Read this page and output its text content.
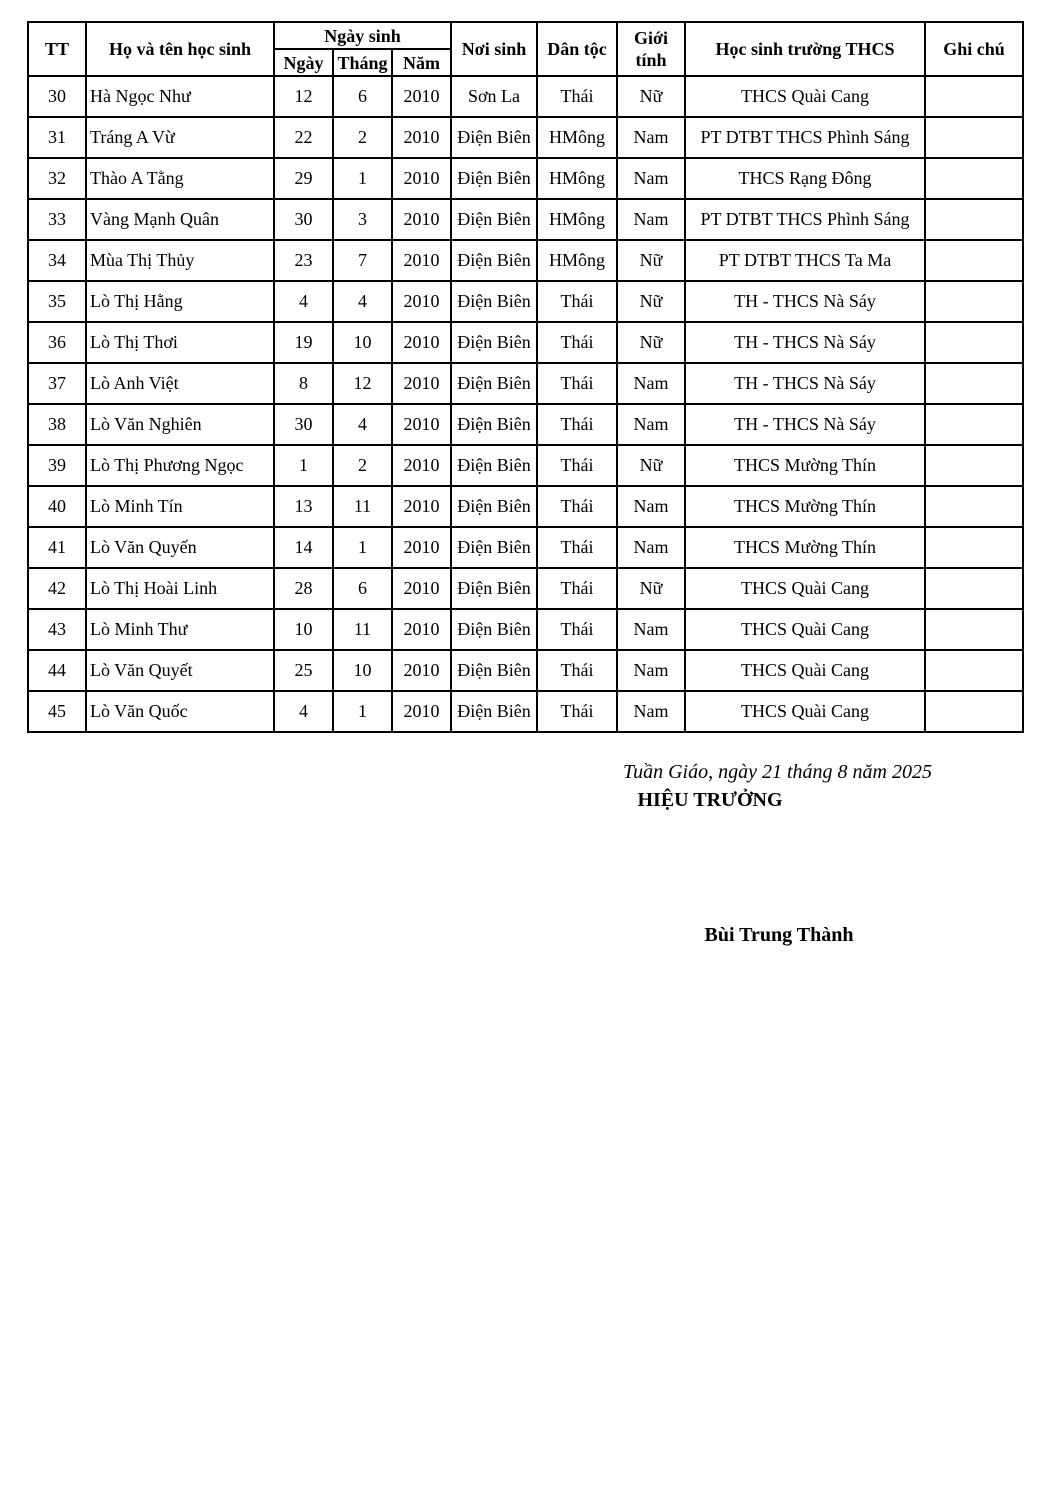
TT	Họ và tên học sinh	Ngày sinh			Nơi sinh	Dân tộc	Giới tính	Học sinh trường THCS	Ghi chú
		Ngày	Tháng	Năm					
30	Hà Ngọc Như	12	6	2010	Sơn La	Thái	Nữ	THCS Quài Cang	
31	Tráng A Vừ	22	2	2010	Điện Biên	HMông	Nam	PT DTBT THCS Phình Sáng	
32	Thào A Tằng	29	1	2010	Điện Biên	HMông	Nam	THCS Rạng Đông	
33	Vàng Mạnh Quân	30	3	2010	Điện Biên	HMông	Nam	PT DTBT THCS Phình Sáng	
34	Mùa Thị Thủy	23	7	2010	Điện Biên	HMông	Nữ	PT DTBT THCS Ta Ma	
35	Lò Thị Hằng	4	4	2010	Điện Biên	Thái	Nữ	TH - THCS Nà Sáy	
36	Lò Thị Thơi	19	10	2010	Điện Biên	Thái	Nữ	TH - THCS Nà Sáy	
37	Lò Anh Việt	8	12	2010	Điện Biên	Thái	Nam	TH - THCS Nà Sáy	
38	Lò Văn Nghiên	30	4	2010	Điện Biên	Thái	Nam	TH - THCS Nà Sáy	
39	Lò Thị Phương Ngọc	1	2	2010	Điện Biên	Thái	Nữ	THCS Mường Thín	
40	Lò Minh Tín	13	11	2010	Điện Biên	Thái	Nam	THCS Mường Thín	
41	Lò Văn Quyến	14	1	2010	Điện Biên	Thái	Nam	THCS Mường Thín	
42	Lò Thị Hoài Linh	28	6	2010	Điện Biên	Thái	Nữ	THCS Quài Cang	
43	Lò Minh Thư	10	11	2010	Điện Biên	Thái	Nam	THCS Quài Cang	
44	Lò Văn Quyết	25	10	2010	Điện Biên	Thái	Nam	THCS Quài Cang	
45	Lò Văn Quốc	4	1	2010	Điện Biên	Thái	Nam	THCS Quài Cang	
Tuần Giáo, ngày 21 tháng 8 năm 2025
HIỆU TRƯỞNG
Bùi Trung Thành
